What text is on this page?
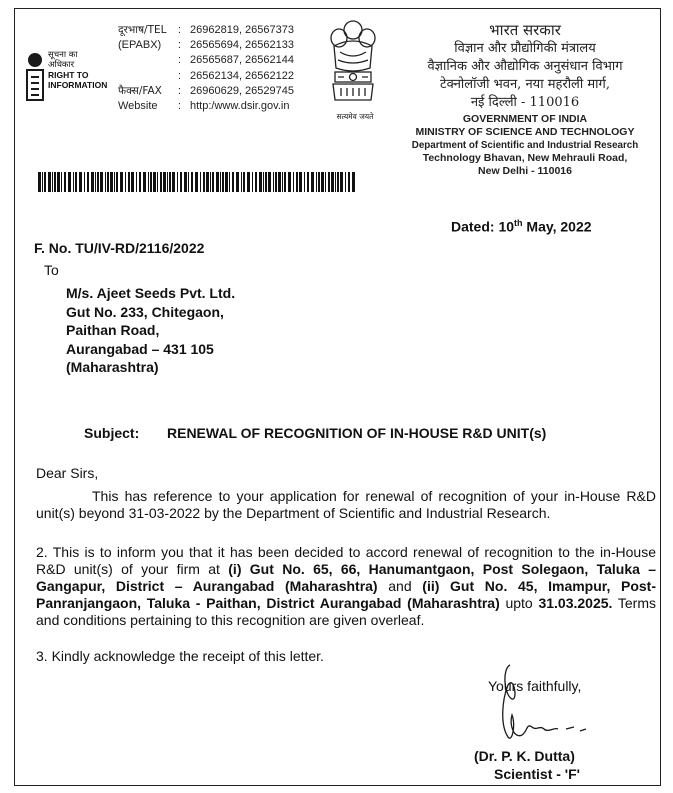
सूचना का
अधिकार
RIGHT TO
INFORMATION
दूरभाष/TEL : 26962819, 26567373
(EPABX) : 26565694, 26562133
: 26565687, 26562144
: 26562134, 26562122
फैक्स/FAX : 26960629, 26529745
Website : http:/www.dsir.gov.in
सत्यमेव जयते
भारत सरकार
विज्ञान और प्रौद्योगिकी मंत्रालय
वैज्ञानिक और औद्योगिक अनुसंधान विभाग
टेक्नोलॉजी भवन, नया महरौली मार्ग,
नई दिल्ली - 110016
GOVERNMENT OF INDIA
MINISTRY OF SCIENCE AND TECHNOLOGY
Department of Scientific and Industrial Research
Technology Bhavan, New Mehrauli Road,
New Delhi - 110016
Dated: 10th May, 2022
F. No. TU/IV-RD/2116/2022
To
M/s. Ajeet Seeds Pvt. Ltd.
Gut No. 233, Chitegaon,
Paithan Road,
Aurangabad – 431 105
(Maharashtra)
Subject: RENEWAL OF RECOGNITION OF IN-HOUSE R&D UNIT(s)
Dear Sirs,
This has reference to your application for renewal of recognition of your in-House R&D unit(s) beyond 31-03-2022 by the Department of Scientific and Industrial Research.
2. This is to inform you that it has been decided to accord renewal of recognition to the in-House R&D unit(s) of your firm at (i) Gut No. 65, 66, Hanumantgaon, Post Solegaon, Taluka – Gangapur, District – Aurangabad (Maharashtra) and (ii) Gut No. 45, Imampur, Post-Panranjangaon, Taluka - Paithan, District Aurangabad (Maharashtra) upto 31.03.2025. Terms and conditions pertaining to this recognition are given overleaf.
3. Kindly acknowledge the receipt of this letter.
Yours faithfully,
(Dr. P. K. Dutta)
Scientist - 'F'
